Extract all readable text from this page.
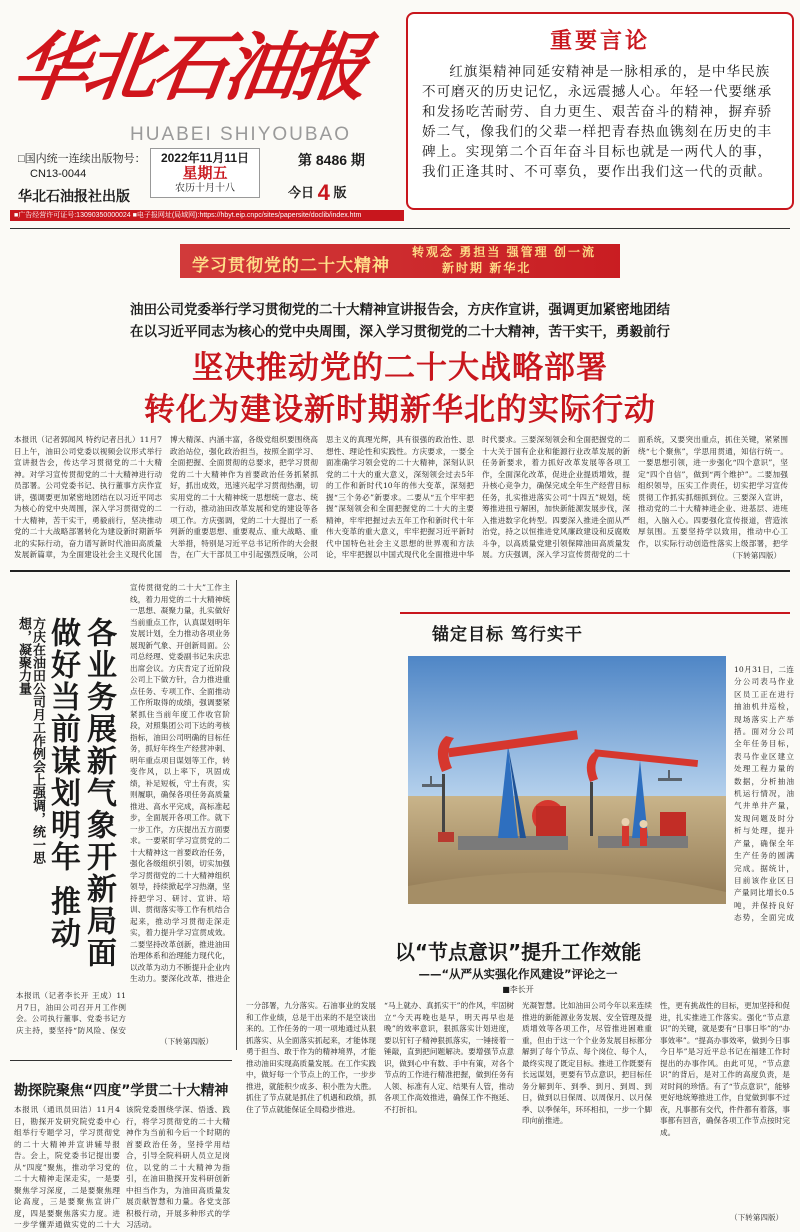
华北石油报
HUABEI SHIYOUBAO
□国内统一连续出版物号：
CN13-0044
华北石油报社出版
2022年11月11日
星期五
农历十月十八
第 8486 期
今日 4 版
■广告经营许可证号:13090350000024 ■电子报网址(局域网):https://hbyt.eip.cnpc/sites/papersite/doclib/index.htm
重要言论
红旗渠精神同延安精神是一脉相承的，是中华民族不可磨灭的历史记忆，永远震撼人心。年轻一代要继承和发扬吃苦耐劳、自力更生、艰苦奋斗的精神，摒弃骄娇二气，像我们的父辈一样把青春热血镌刻在历史的丰碑上。实现第二个百年奋斗目标也就是一两代人的事，我们正逢其时、不可辜负，要作出我们这一代的贡献。
学习贯彻党的二十大精神
转观念 勇担当 强管理 创一流
新时期 新华北
油田公司党委举行学习贯彻党的二十大精神宣讲报告会，方庆作宣讲，强调更加紧密地团结
在以习近平同志为核心的党中央周围，深入学习贯彻党的二十大精神，苦干实干，勇毅前行
坚决推动党的二十大战略部署
转化为建设新时期新华北的实际行动
本报讯（记者郭闻风 特约记者吕扎）11月7日上午，油田公司党委以视频会议形式举行宣讲报告会，传达学习贯彻党的二十大精神。对学习宣传贯彻党的二十大精神进行动员部署。公司党委书记、执行董事方庆作宣讲，强调要更加紧密地团结在以习近平同志为核心的党中央周围，深入学习贯彻党的二十大精神，苦干实干，勇毅前行，坚决推动党的二十大战略部署转化为建设新时期新华北的实际行动，奋力谱写新时代油田高质量发展新篇章，为全面建设社会主义现代化国
博大精深、内涵丰富，各级党组织要围绕高政治站位，强化政治担当，按照全面学习、全面把握、全面贯彻的总要求，把学习贯彻党的二十大精神作为首要政治任务抓紧抓好，抓出成效，迅速兴起学习贯彻热潮，切实用党的二十大精神统一思想统一意志、统一行动，推动油田改革发展和党的建设等各项工作。方庆强调，党的二十大提出了一系列新的重要思想、重要观点、重大战略、重大举措，特别是习近平总书记所作的大会报告，在广大干部员工中引起强烈反响，公司
思主义的真理光辉，具有很强的政治性、思想性、理论性和实践性。方庆要求，一要全面准确学习领会党的二十大精神，深刻认识党的二十大的重大意义，深刻领会过去5年的工作和新时代10年的伟大变革，深刻把握“三个务必”新要求。二要从“五个牢牢把握”深刻领会和全面把握党的二十大的主要精神，牢牢把握过去五年工作和新时代十年伟大变革的重大意义，牢牢把握习近平新时代中国特色社会主义思想的世界观和方法论，牢牢把握以中国式现代化全面推进中华
时代要求。三要深刻领会和全面把握党的二十大关于国有企业和能源行业改革发展的新任务新要求，着力抓好改革发展等各项工作，全面深化改革，促进企业提质增效，提升核心竞争力，确保完成全年生产经营目标任务，扎实推进落实公司“十四五”规划，统筹推进扭亏解困，加快新能源发展步伐，深入推进数字化转型。四要深入推进全面从严治党，持之以恒推进党风廉政建设和反腐败斗争，以高质量党建引领保障油田高质量发展。方庆强调，深入学习宣传贯彻党的二十
面系统，又要突出重点，抓住关键，紧紧围绕“七个聚焦”，学思用贯通，知信行统一。一要思想引领，进一步强化“四个意识”，坚定“四个自信”，做到“两个维护”。二要加强组织领导，压实工作责任，切实把学习宣传贯彻工作抓实抓细抓到位。三要深入宣讲，推动党的二十大精神进企业、进基层、进班组，入脑入心。四要强化宣传报道，营造浓厚氛围。五要坚持学以致用，推动中心工作，以实际行动创造性落实上级部署，把学
（下转第四版）
方庆在油田公司月工作例会上强调，统一思想，凝聚力量	各业务展新气象开新局面做好当前谋划明年 推动
宣传贯彻党的二十大”工作主线，着力用党的二十大精神统一思想、凝聚力量，扎实做好当前重点工作，认真谋划明年发展计划，全力推动各项业务展现新气象、开创新局面。公司总经理、党委副书记朱庆忠出席会议。方庆肯定了近阶段公司上下做方针，合力推进重点任务、专项工作、全面推动工作所取得的成绩，强调要紧紧抓住当前年度工作收官阶段，对照集团公司下达的考核指标，油田公司明确的目标任务，抓好年终生产经营冲刺、明年重点项目谋划等工作，转变作风，以上率下，巩固成绩，补足短板，守土有责，实则履职，确保各项任务高质量推进、高水平完成，高标准起步，全面展开各项工作。就下一步工作，方庆提出五方面要求。一要紧盯学习宣贯党的二十大精神这一首要政治任务，强化各级组织引领，切实加强学习贯彻党的二十大精神组织领导，持续掀起学习热潮，坚持把学习、研讨、宣讲、培训、贯彻落实等工作有机结合起来，推动学习贯彻走深走实，着力提升学习宣贯成效。二要坚持改革创新，推进油田治理体系和治理能力现代化，以改革为动力不断提升企业内生动力。要深化改革，推进企
本报讯（记者李长开 王成）11月7日，油田公司召开月工作例会。公司执行董事、党委书记方庆主持，要坚持“防风险、保安
（下转第四版）
锚定目标 笃行实干
10月31日，二连分公司表马作业区员工正在进行抽油机井巡检，现场落实上产举措。面对分公司全年任务目标，表马作业区建立处理工程力量的数据，分析抽油机运行情况，油气井单井产量，发现问题及时分析与处理，提升产量，确保全年生产任务的圆满完成。据统计，目前该作业区日产量同比增长0.5吨，并保持良好态势，全面完成
以“节点意识”提升工作效能
——“从严从实强化作风建设”评论之一
■李长开
一分部署，九分落实。石油事业的发展和工作业绩，总是干出来的不是空谈出来的。工作任务的一项一项地通过从狠抓落实、从全面落实抓起来，才能体现勇于担当、敢于作为的精神境界，才能推动油田实现高质量发展。在工作实践中，做好每一个节点上的工作，一步步推进，就能积少成多、积小胜为大胜。抓住了节点就是抓住了机遇和政绩，抓住了节点就能保证全局稳步推进。
“马上就办、真抓实干”的作风，牢固树立“今天再晚也是早，明天再早也是晚”的效率意识，狠抓落实计划进度，要以钉钉子精神狠抓落实，一锤接着一锤敲，直到把问题解决。要增强节点意识，做到心中有数、手中有策，对各个节点的工作进行精准把握，做到任务有人领、标准有人定、结果有人管，推动各项工作高效推进，确保工作不拖延、不打折扣。
光凝智慧。比如油田公司今年以来连续推进的新能源业务发展、安全管理及提质增效等各项工作，尽管推进困难重重，但由于这一个个业务发展目标都分解到了每个节点、每个岗位、每个人，最终实现了既定目标。推进工作既要有长远谋划，更要有节点意识，把目标任务分解到年、到季、到月、到周、到日，做到以日保周、以周保月、以月保季、以季保年，环环相扣，一步一个脚印向前推进。
性，更有挑战性的目标，更加坚持和促进，扎实推进工作落实。强化“节点意识”的关键，就是要有“日事日毕”的“办事效率”。“提高办事效率，做到今日事今日毕”是习近平总书记在福建工作时提出的办事作风。由此可见，“节点意识”的背后，是对工作的高度负责，是对时间的珍惜。有了“节点意识”，能够更好地统筹推进工作，自觉做到事不过夜，凡事都有交代，件件都有着落，事事都有回音，确保各项工作节点按时完成。
（下转第四版）
勘探院聚焦“四度”学贯二十大精神
本报讯（通讯员田洁）11月4日，勘探开发研究院党委中心组举行专题学习，学习贯彻党的二十大精神并宣讲辅导报告。会上，院党委书记提出要从“四度”聚焦，推动学习党的二十大精神走深走实，一是要聚焦学习深度，二是要聚焦理论高度，三是要聚焦宣讲广度，四是要聚焦落实力度。进一步学懂弄通做实党的二十大
该院党委围绕学深、悟透、践行，将学习贯彻党的二十大精神作为当前和今后一个时期的首要政治任务，坚持学用结合，引导全院科研人员立足岗位，以党的二十大精神为指引，在油田勘探开发科研创新中担当作为，为油田高质量发展贡献智慧和力量。各党支部积极行动，开展多种形式的学习活动。
